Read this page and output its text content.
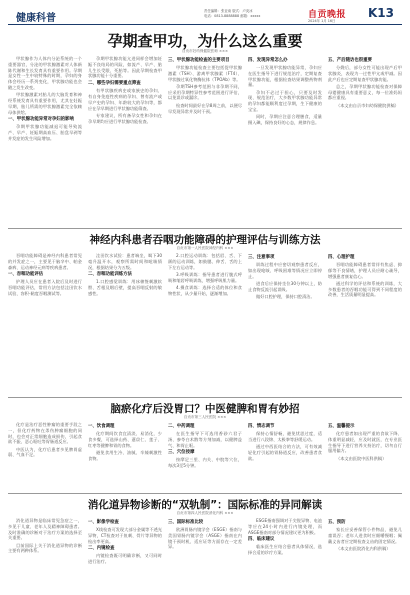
健康科普
责任编辑：张亚南 版式：卢炎冰
电话：0813-8888888 邮箱：xxxxx	自贡晚报 K13
2024年 1月 16日
孕期查甲功，为什么这么重要
自贡市妇幼保健院医师 ×××

甲状腺作为人体内分泌系统的一个重要器官，分泌的甲状腺激素对人体新陈代谢和生长发育具有重要作用。孕期是女性一生中较特殊的时期，孕妇的身体会经历一系列变化，甲状腺功能也会随之发生改变。

甲状腺激素对胎儿的大脑发育和神经系统发育具有重要作用，尤其在妊娠早期，胎儿所需的甲状腺激素完全依赖母体供给。

一、甲状腺功能异常对孕妇的影响

孕期甲状腺功能减退可能导致流产、早产、妊娠期高血压、胎盘早剥等并发症的发生风险增加。

孕期甲状腺功能亢进同样会增加妊娠不良结局的风险，如流产、早产、胎儿生长受限、死胎等。因此孕期检查甲状腺功能十分重要。

二、哪些孕妇需要重点筛查

有甲状腺疾病史或家族史的孕妇、有自身免疫性疾病的孕妇、曾有流产或早产史的孕妇、年龄较大的孕妇等，都应在孕早期进行甲状腺功能筛查。

专家建议，所有备孕女性和孕妇在孕早期均应进行甲状腺功能检查。

三、甲状腺功能检查的主要项目

甲状腺功能检查主要包括促甲状腺激素（TSH）、游离甲状腺素（FT4）、甲状腺过氧化物酶抗体（TPOAb）等。

孕期TSH参考范围与非孕期不同，应采用孕期特异性参考范围进行评估，以免误诊或漏诊。

检查时间最好在孕8周之前，以便尽早发现异常并及时干预。

四、发现异常怎么办

一旦发现甲状腺功能异常，孕妇应在医生指导下进行规范治疗，定期复查甲状腺功能，根据检查结果调整药物剂量。

孕妇不必过于担心，只要及时发现、规范治疗，大多数甲状腺功能异常的孕妇都能顺利度过孕期，生下健康的宝宝。

同时，孕期应注意合理膳食，适量摄入碘，保持良好的心态，规律作息。

五、产后随访也很重要

分娩后，部分女性可能出现产后甲状腺炎，表现为一过性甲亢或甲减。因此产后也应定期复查甲状腺功能。

总之，孕期甲状腺功能检查对保障母婴健康具有重要意义，每一位准妈妈都应重视。

（本文由自贡市妇幼保健院供稿）

神经内科患者吞咽功能障碍的护理评估与训练方法
自贡市第一人民医院神经内科 ×××

吞咽功能障碍是神经内科患者常见的并发症之一，主要见于脑卒中、帕金森病、运动神经元病等疾病患者。

一、吞咽功能评估

护理人员应在患者入院后及时进行吞咽功能评估，常用方法包括洼田饮水试验、容积-黏度吞咽测试等。

洼田饮水试验：患者端坐，喝下30毫升温开水，观察所需时间和呛咳情况，根据结果分为五级。

二、吞咽功能训练方法

1.口腔感觉训练：用冰棉签刺激软腭、舌根及咽后壁，提高吞咽反射的敏感性。

2.口腔运动训练：包括唇、舌、下颌的运动训练，如鼓腮、伸舌、舌的上下左右运动等。

3.呼吸训练：指导患者进行腹式呼吸和缩唇呼吸训练，增强呼吸肌力量。

4.摄食训练：选择合适的体位和食物性状，从少量开始，逐渐增加。

三、注意事项

训练过程中应密切观察患者反应，如出现呛咳、呼吸困难等情况应立即停止。

进食后应保持坐位30分钟以上，防止食物反流引起误吸。

做好口腔护理，保持口腔清洁。

四、心理护理

吞咽功能障碍患者常伴有焦虑、抑郁等不良情绪，护理人员应耐心疏导，增强患者康复信心。

通过科学的评估和系统的训练，大多数患者的吞咽功能可得到不同程度的改善，生活质量明显提高。

脑瘀化疗后没胃口？中医健脾和胃有妙招
自贡市第三人民医院 ×××

化疗是治疗恶性肿瘤的重要手段之一，但化疗药物在杀伤肿瘤细胞的同时，也会对正常细胞造成损伤，引起食欲不振、恶心呕吐等胃肠道反应。

中医认为，化疗后患者多见脾胃虚弱、气血不足。

一、饮食调理

化疗期间饮食宜清淡、易消化，少食多餐，可选择山药、薏苡仁、莲子、红枣等健脾和胃的食物。

避免食用生冷、油腻、辛辣刺激性食物。

二、中药调理

在医生指导下可选用香砂六君子汤、参苓白术散等方剂加减，以健脾益气、和胃止呕。

三、穴位按摩

按摩足三里、内关、中脘等穴位，每次3至5分钟。

四、情志调节

保持心情舒畅，避免忧思过度，适当进行八段锦、太极拳等舒缓运动。

通过中西医结合的方法，可有效减轻化疗引起的胃肠道反应，改善患者食欲。

五、温馨提示

化疗患者如出现严重的食欲下降、体重明显减轻，应及时就医，在专业医生指导下进行营养支持治疗，切勿自行服用偏方。

（本文由医院中医科供稿）

消化道异物诊断的“双轨制”：国际标准的异同解读
自贡市第四人民医院消化内科 ×××

消化道异物是临床常见急症之一，多见于儿童、老年人及精神障碍患者。及时准确的诊断对于治疗方案的选择至关重要。

目前国际上关于消化道异物的诊断主要有两种体系。

一、影像学检查

X线检查可发现大部分金属等不透光异物，CT检查对于鱼刺、骨片等异物的检出率更高。

二、内镜检查

内镜检查既可明确诊断，又可同时进行治疗。

三、国际标准比较

欧洲胃肠内镜学会（ESGE）指南与美国胃肠内镜学会（ASGE）指南在内镜干预时机、适应证等方面存在一定差异。

ESGE指南强调对于尖锐异物、电池等应在24小时内进行内镜处理，而ASGE指南对部分情况建议更为积极。

四、临床建议

临床医生应结合患者具体情况，选择合适的诊疗方案。

五、预防

家长应妥善保管小件物品，避免儿童误吞；老年人进食时应细嚼慢咽；佩戴义齿者应定期检查义齿的固定情况。

（本文由医院消化内科供稿）
